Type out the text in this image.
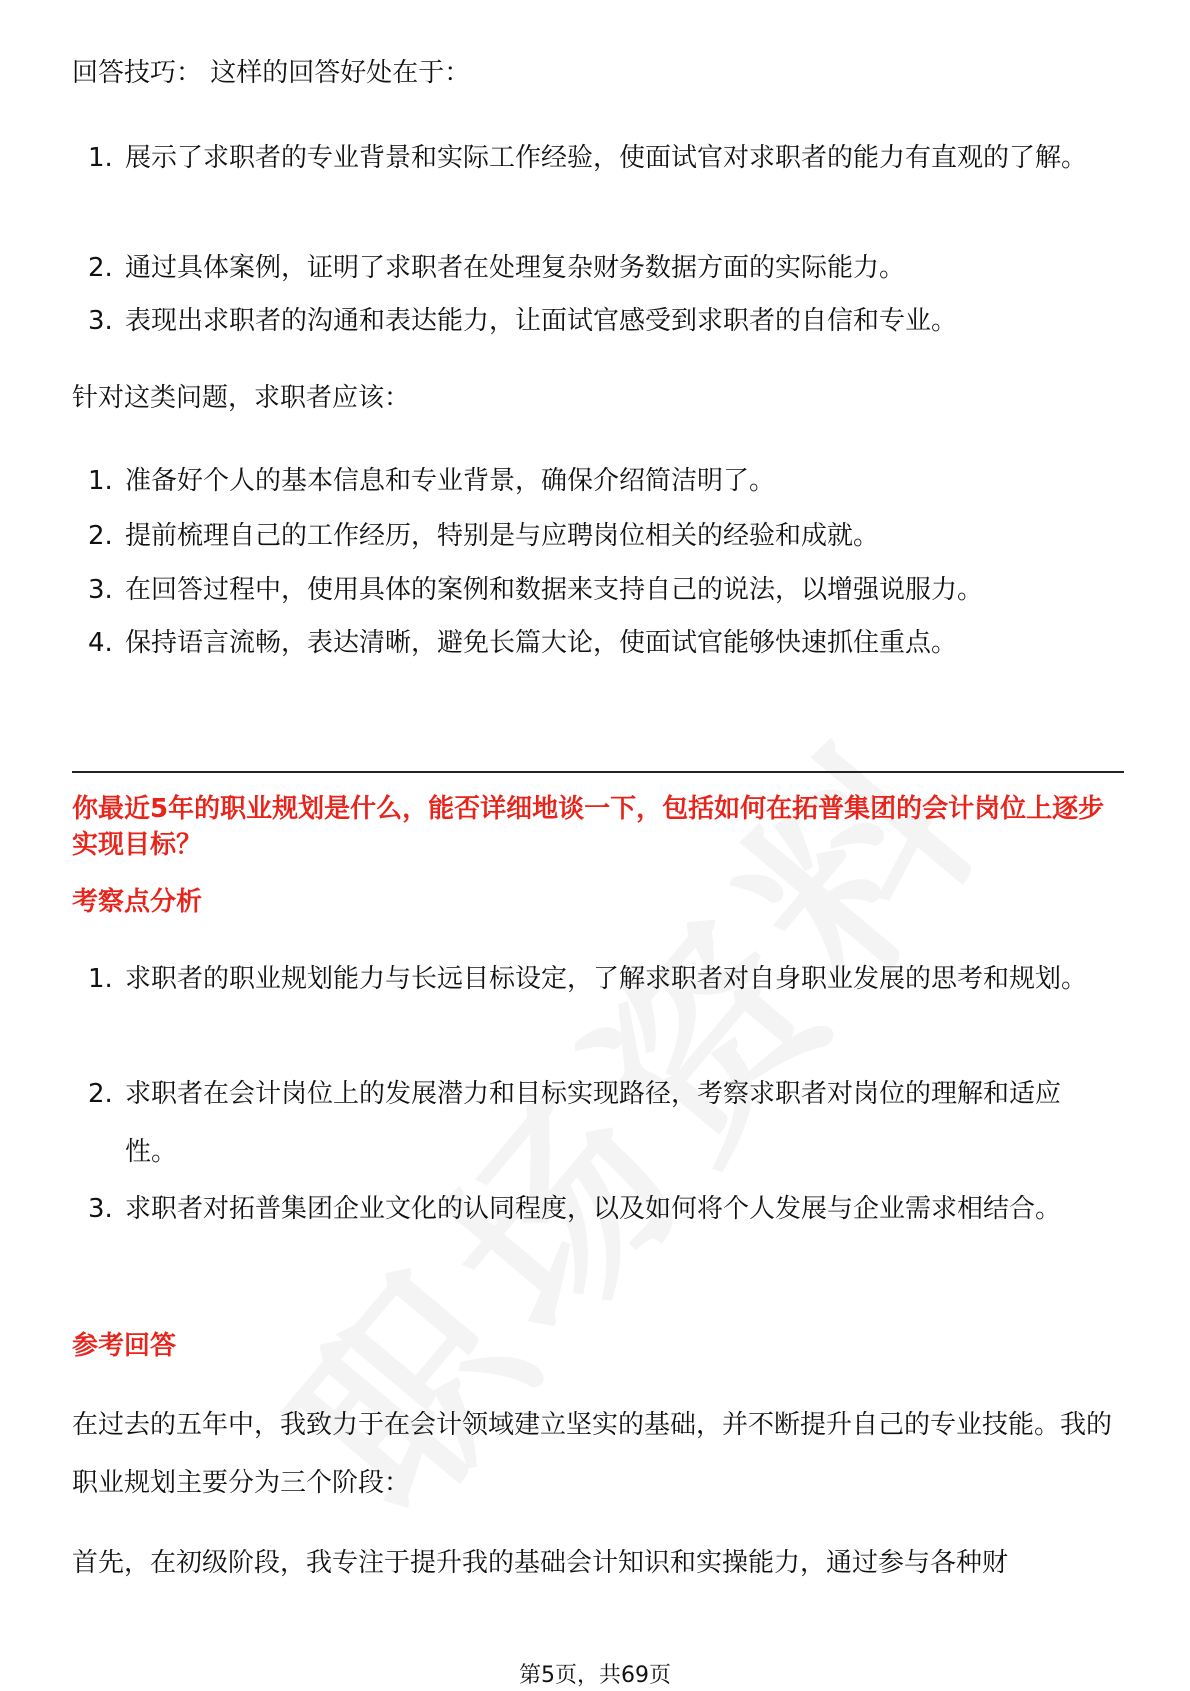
回答技巧： 这样的回答好处在于：

1. 展示了求职者的专业背景和实际工作经验，使面试官对求职者的能力有直观的了解。
2. 通过具体案例，证明了求职者在处理复杂财务数据方面的实际能力。
3. 表现出求职者的沟通和表达能力，让面试官感受到求职者的自信和专业。

针对这类问题，求职者应该：

1. 准备好个人的基本信息和专业背景，确保介绍简洁明了。
2. 提前梳理自己的工作经历，特别是与应聘岗位相关的经验和成就。
3. 在回答过程中，使用具体的案例和数据来支持自己的说法，以增强说服力。
4. 保持语言流畅，表达清晰，避免长篇大论，使面试官能够快速抓住重点。
你最近5年的职业规划是什么，能否详细地谈一下，包括如何在拓普集团的会计岗位上逐步实现目标？
考察点分析
1. 求职者的职业规划能力与长远目标设定，了解求职者对自身职业发展的思考和规划。
2. 求职者在会计岗位上的发展潜力和目标实现路径，考察求职者对岗位的理解和适应性。
3. 求职者对拓普集团企业文化的认同程度，以及如何将个人发展与企业需求相结合。
参考回答

在过去的五年中，我致力于在会计领域建立坚实的基础，并不断提升自己的专业技能。我的职业规划主要分为三个阶段：

首先，在初级阶段，我专注于提升我的基础会计知识和实操能力，通过参与各种财

第5页，共69页
